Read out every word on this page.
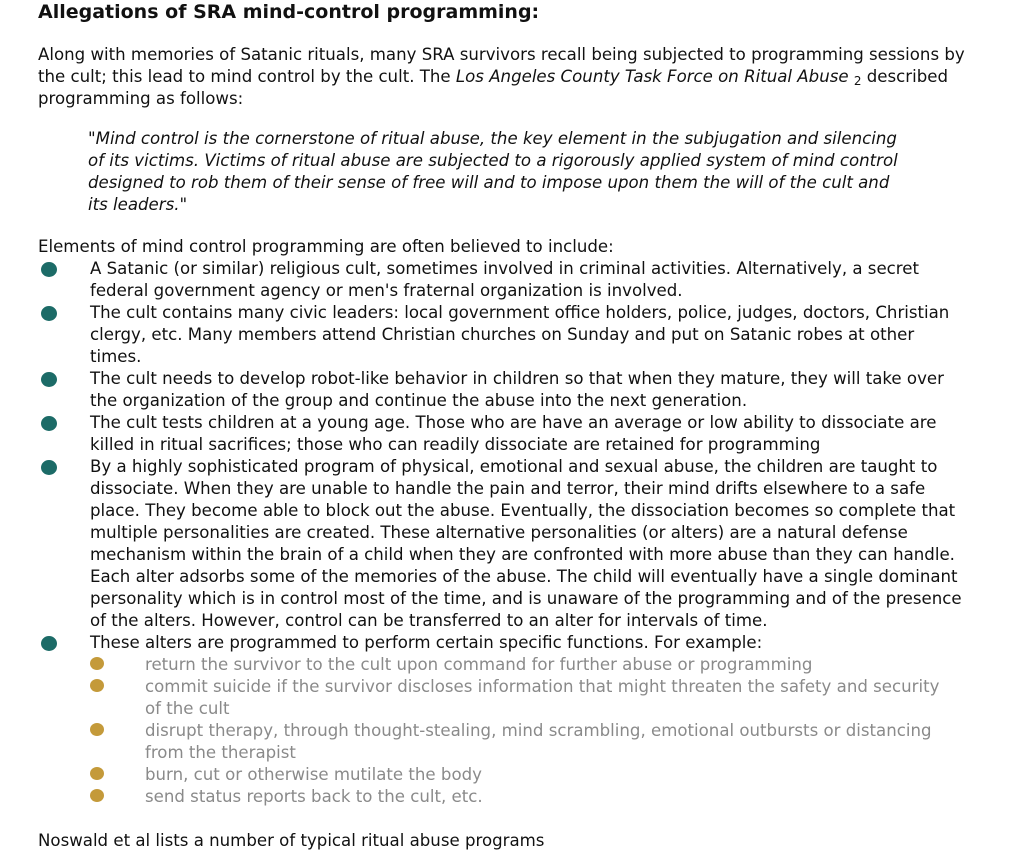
Allegations of SRA mind-control programming:

Along with memories of Satanic rituals, many SRA survivors recall being subjected to programming sessions by the cult; this lead to mind control by the cult. The Los Angeles County Task Force on Ritual Abuse $_2$ described programming as follows:

"Mind control is the cornerstone of ritual abuse, the key element in the subjugation and silencing of its victims. Victims of ritual abuse are subjected to a rigorously applied system of mind control designed to rob them of their sense of free will and to impose upon them the will of the cult and its leaders."
Elements of mind control programming are often believed to include:
A Satanic (or similar) religious cult, sometimes involved in criminal activities. Alternatively, a secret federal government agency or men's fraternal organization is involved.
The cult contains many civic leaders: local government office holders, police, judges, doctors, Christian clergy, etc. Many members attend Christian churches on Sunday and put on Satanic robes at other times.
The cult needs to develop robot-like behavior in children so that when they mature, they will take over the organization of the group and continue the abuse into the next generation.
The cult tests children at a young age. Those who are have an average or low ability to dissociate are killed in ritual sacrifices; those who can readily dissociate are retained for programming
By a highly sophisticated program of physical, emotional and sexual abuse, the children are taught to dissociate. When they are unable to handle the pain and terror, their mind drifts elsewhere to a safe place. They become able to block out the abuse. Eventually, the dissociation becomes so complete that multiple personalities are created. These alternative personalities (or alters) are a natural defense mechanism within the brain of a child when they are confronted with more abuse than they can handle. Each alter adsorbs some of the memories of the abuse. The child will eventually have a single dominant personality which is in control most of the time, and is unaware of the programming and of the presence of the alters. However, control can be transferred to an alter for intervals of time.
These alters are programmed to perform certain specific functions. For example:
return the survivor to the cult upon command for further abuse or programming
commit suicide if the survivor discloses information that might threaten the safety and security of the cult
disrupt therapy, through thought-stealing, mind scrambling, emotional outbursts or distancing from the therapist
burn, cut or otherwise mutilate the body
send status reports back to the cult, etc.
Noswald et al lists a number of typical ritual abuse programs
